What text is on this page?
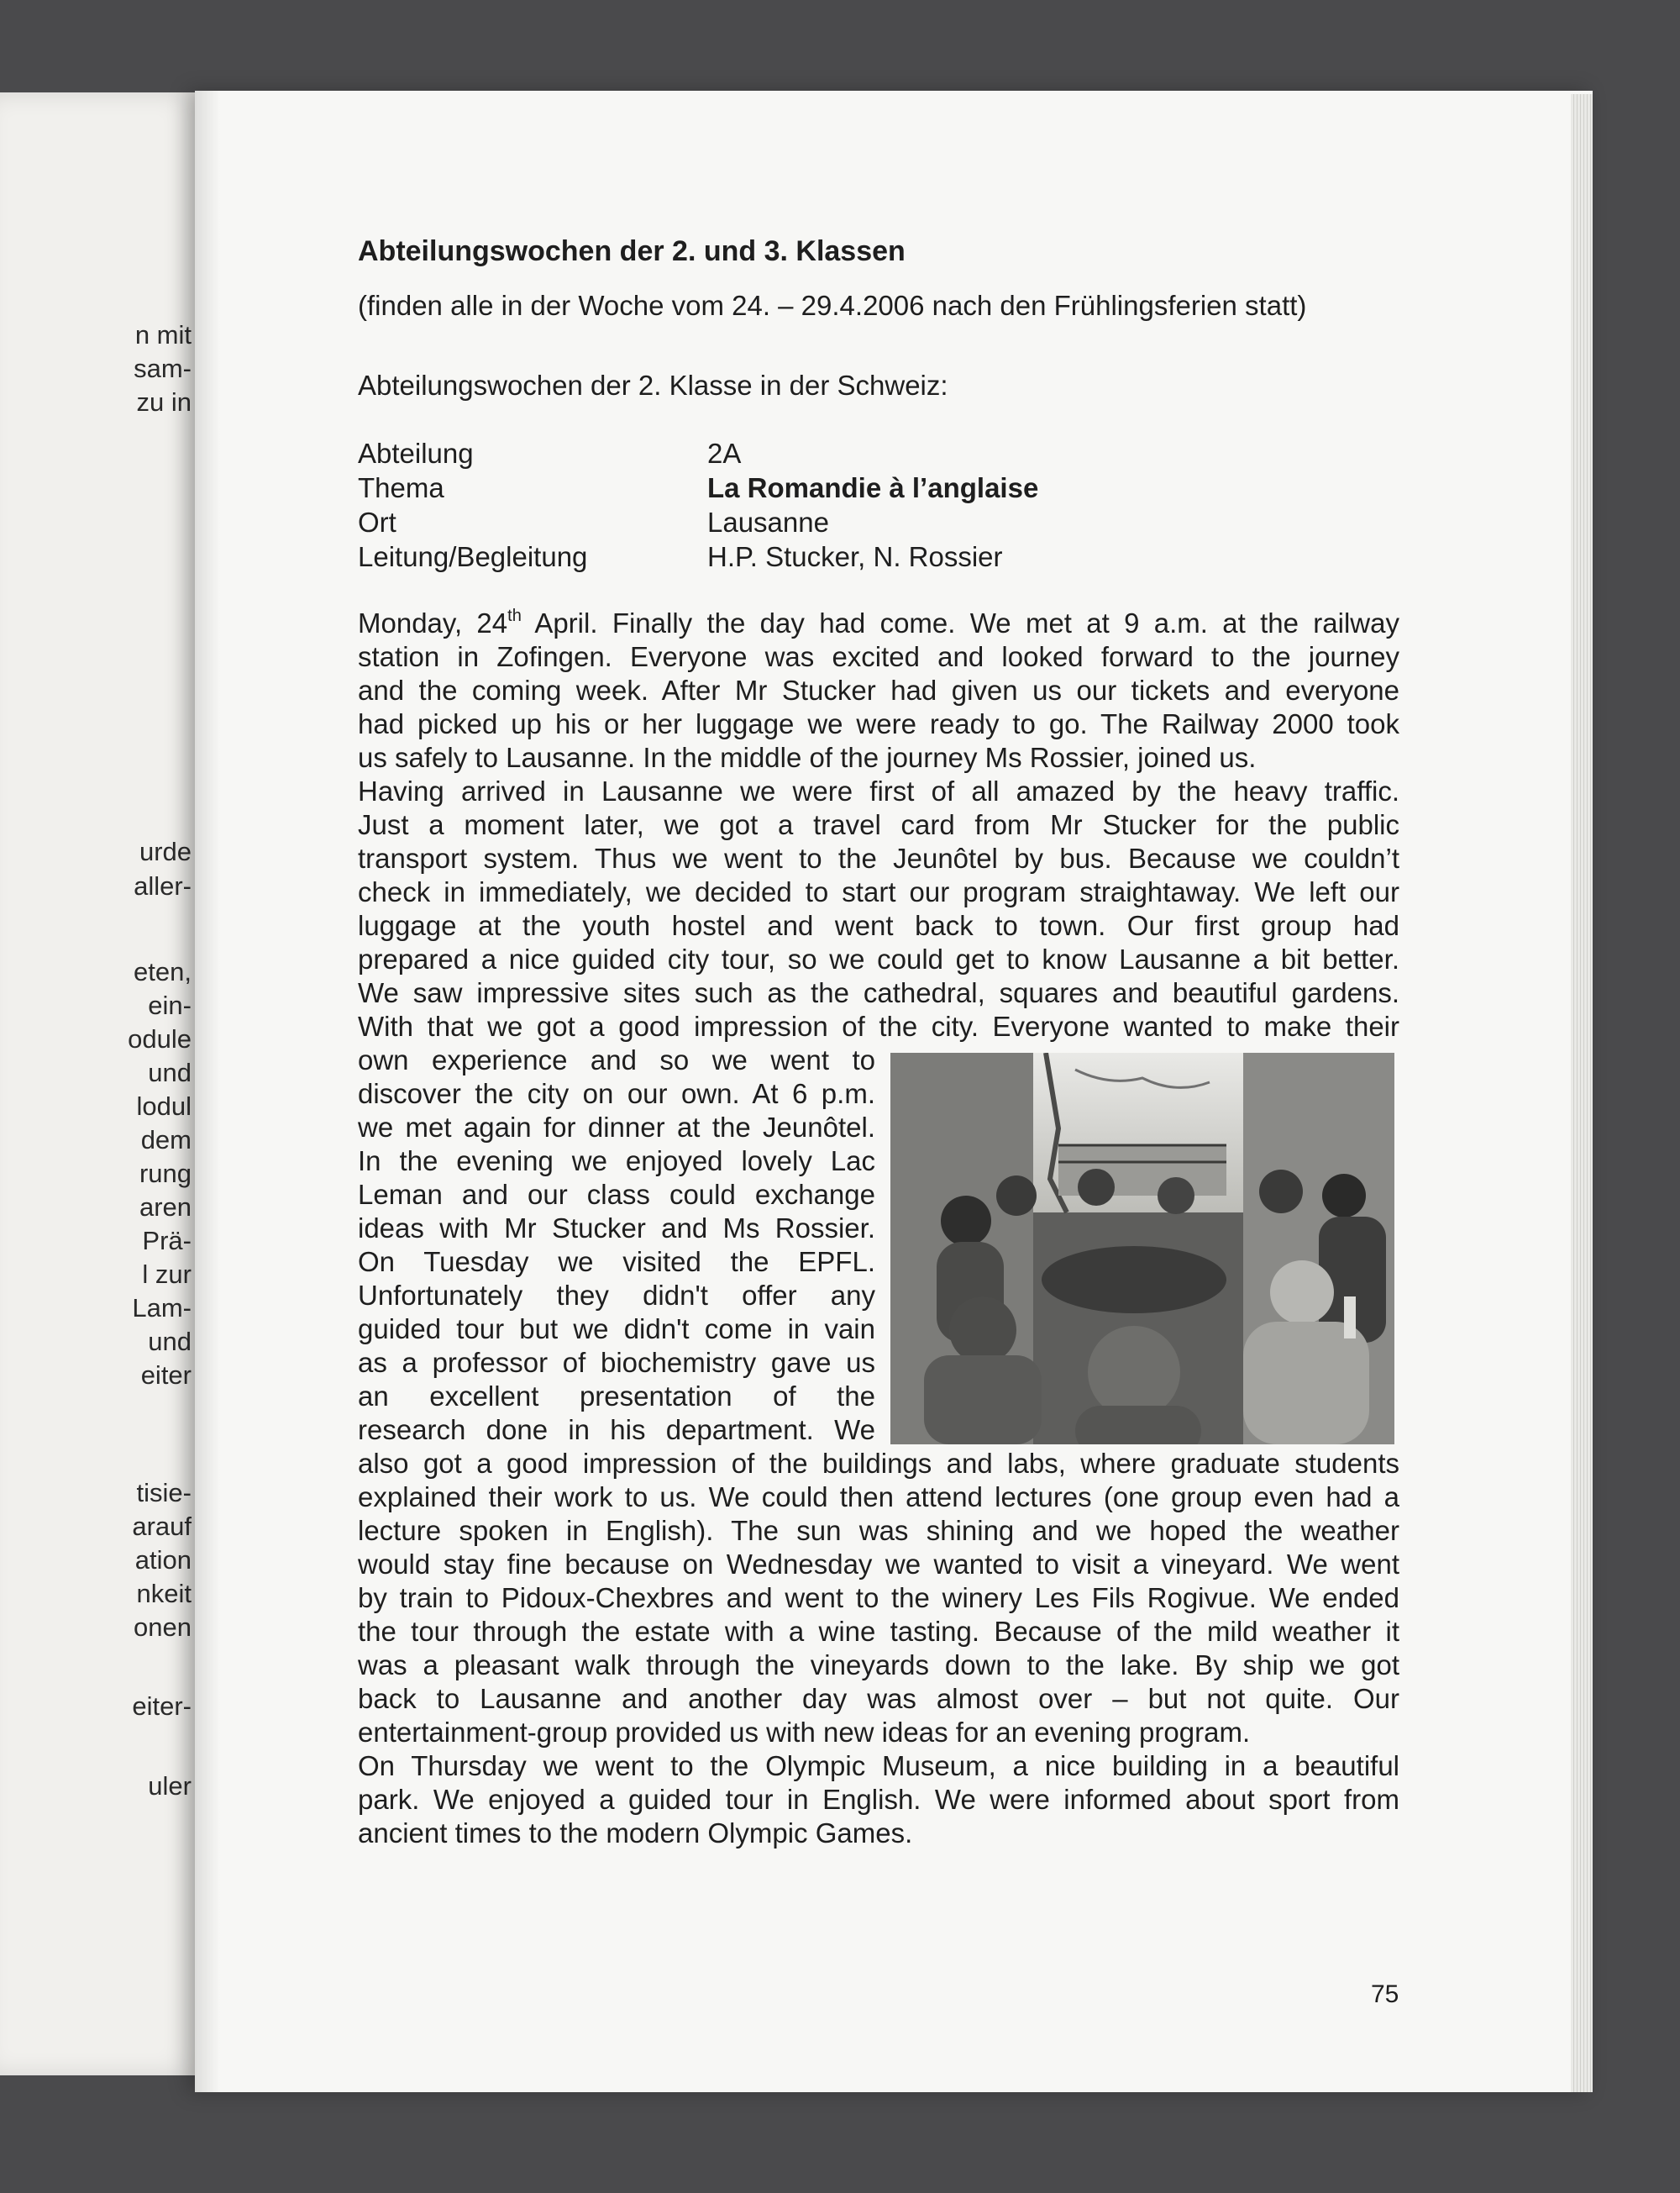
n mit
sam-
zu in
urde
aller-
eten,
ein-
odule
und
lodul
dem
rung
aren
Prä-
l zur
Lam-
und
eiter
tisie-
arauf
ation
nkeit
onen
eiter-
uler
Abteilungswochen der 2. und 3. Klassen
(finden alle in der Woche vom 24. – 29.4.2006 nach den Frühlingsferien statt)
Abteilungswochen der 2. Klasse in der Schweiz:
Abteilung	2A
Thema	La Romandie à l’anglaise
Ort	Lausanne
Leitung/Begleitung	H.P. Stucker, N. Rossier
Monday, 24th April. Finally the day had come. We met at 9 a.m. at the railway
station in Zofingen. Everyone was excited and looked forward to the journey
and the coming week. After Mr Stucker had given us our tickets and everyone
had picked up his or her luggage we were ready to go. The Railway 2000 took
us safely to Lausanne. In the middle of the journey Ms Rossier, joined us.
Having arrived in Lausanne we were first of all amazed by the heavy traffic.
Just a moment later, we got a travel card from Mr Stucker for the public
transport system. Thus we went to the Jeunôtel by bus. Because we couldn’t
check in immediately, we decided to start our program straightaway. We left our
luggage at the youth hostel and went back to town. Our first group had
prepared a nice guided city tour, so we could get to know Lausanne a bit better.
We saw impressive sites such as the cathedral, squares and beautiful gardens.
With that we got a good impression of the city. Everyone wanted to make their
own experience and so we went to
discover the city on our own. At 6 p.m.
we met again for dinner at the Jeunôtel.
In the evening we enjoyed lovely Lac
Leman and our class could exchange
ideas with Mr Stucker and Ms Rossier.
On Tuesday we visited the EPFL.
Unfortunately they didn't offer any
guided tour but we didn't come in vain
as a professor of biochemistry gave us
an excellent presentation of the
research done in his department. We
also got a good impression of the buildings and labs, where graduate students
explained their work to us. We could then attend lectures (one group even had a
lecture spoken in English). The sun was shining and we hoped the weather
would stay fine because on Wednesday we wanted to visit a vineyard. We went
by train to Pidoux-Chexbres and went to the winery Les Fils Rogivue. We ended
the tour through the estate with a wine tasting. Because of the mild weather it
was a pleasant walk through the vineyards down to the lake. By ship we got
back to Lausanne and another day was almost over – but not quite. Our
entertainment-group provided us with new ideas for an evening program.
On Thursday we went to the Olympic Museum, a nice building in a beautiful
park. We enjoyed a guided tour in English. We were informed about sport from
ancient times to the modern Olympic Games.
75
